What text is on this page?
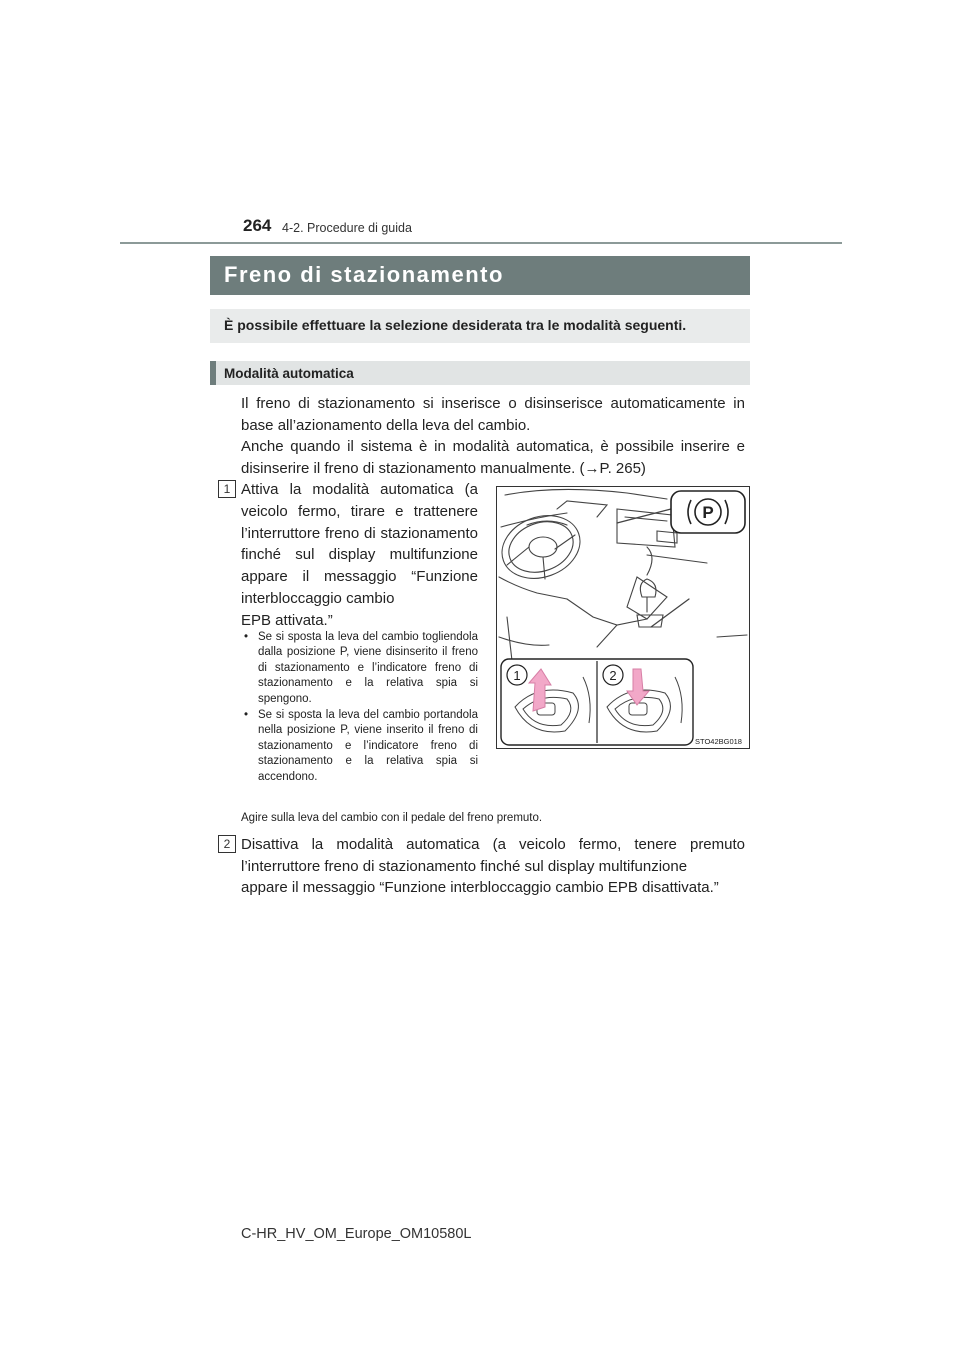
264 4-2. Procedure di guida
Freno di stazionamento
È possibile effettuare la selezione desiderata tra le modalità seguenti.
Modalità automatica
Il freno di stazionamento si inserisce o disinserisce automaticamente in base all’azionamento della leva del cambio.
Anche quando il sistema è in modalità automatica, è possibile inserire e disinserire il freno di stazionamento manualmente. (→P. 265)
1 Attiva la modalità automatica (a veicolo fermo, tirare e trattenere l’interruttore freno di stazionamento finché sul display multifunzione appare il messaggio “Funzione interbloccaggio cambio
EPB attivata.”
• Se si sposta la leva del cambio togliendola dalla posizione P, viene disinserito il freno di stazionamento e l’indicatore freno di stazionamento e la relativa spia si spengono.
• Se si sposta la leva del cambio portandola nella posizione P, viene inserito il freno di stazionamento e l’indicatore freno di stazionamento e la relativa spia si accendono.
Agire sulla leva del cambio con il pedale del freno premuto.
P
1	2
STO42BG018
2 Disattiva la modalità automatica (a veicolo fermo, tenere premuto l’interruttore freno di stazionamento finché sul display multifunzione
appare il messaggio “Funzione interbloccaggio cambio EPB disattivata.”
C-HR_HV_OM_Europe_OM10580L
